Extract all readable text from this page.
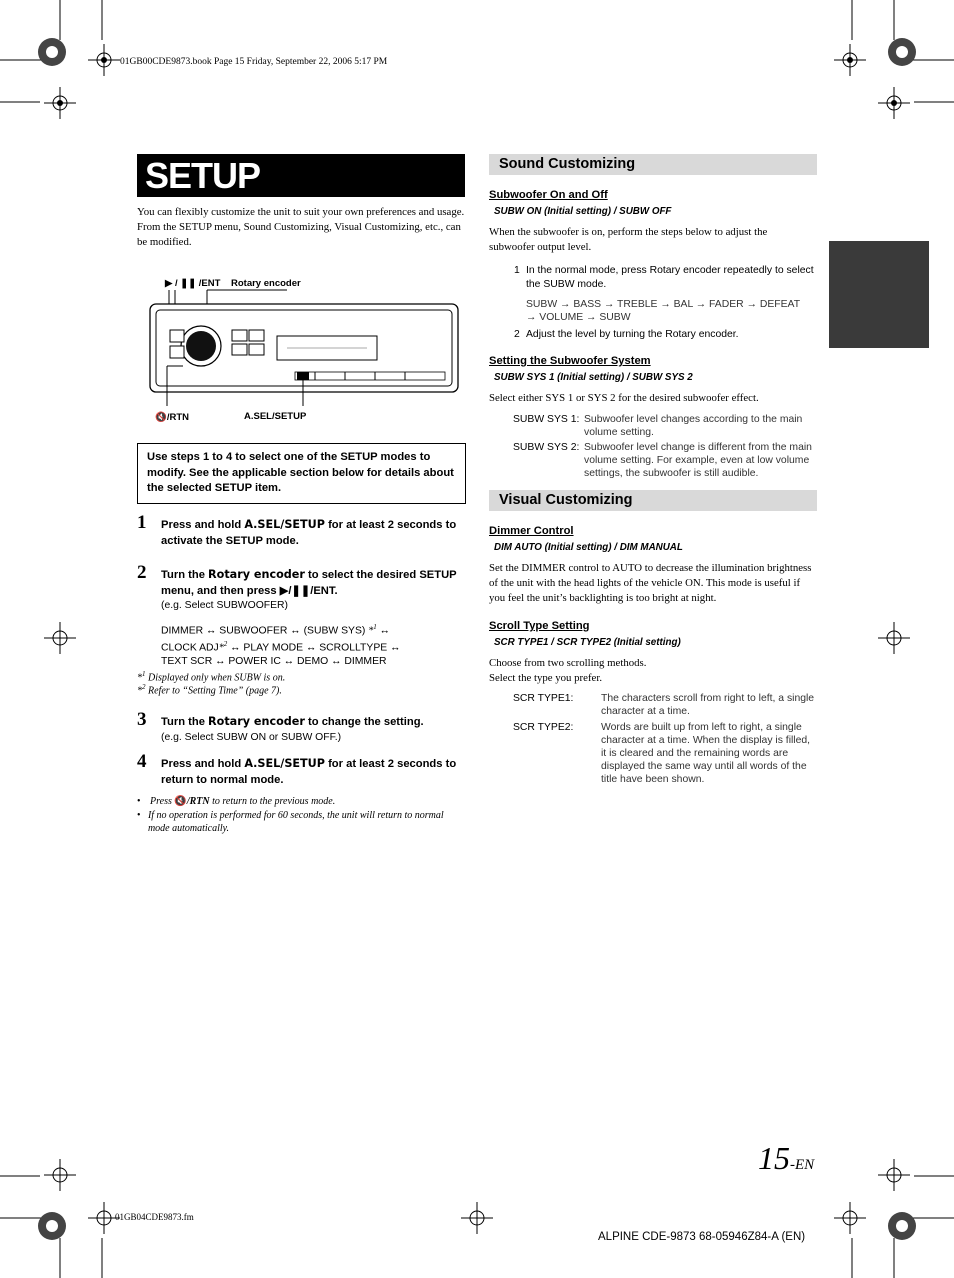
01GB00CDE9873.book Page 15 Friday, September 22, 2006 5:17 PM
SETUP
You can flexibly customize the unit to suit your own preferences and usage. From the SETUP menu, Sound Customizing, Visual Customizing, etc., can be modified.
▶ / ❚❚ /ENT Rotary encoder
🔇/RTN	A.SEL/SETUP
Use steps 1 to 4 to select one of the SETUP modes to modify. See the applicable section below for details about the selected SETUP item.
1 Press and hold A.SEL/SETUP for at least 2 seconds to activate the SETUP mode.
2 Turn the Rotary encoder to select the desired SETUP menu, and then press ▶/❚❚/ENT.
(e.g. Select SUBWOOFER)
DIMMER ↔ SUBWOOFER ↔ (SUBW SYS) *$^1$ ↔
CLOCK ADJ*$^2$ ↔ PLAY MODE ↔ SCROLLTYPE ↔
TEXT SCR ↔ POWER IC ↔ DEMO ↔ DIMMER
*$^1$ Displayed only when SUBW is on.
*$^2$ Refer to “Setting Time” (page 7).
3 Turn the Rotary encoder to change the setting.
(e.g. Select SUBW ON or SUBW OFF.)
4 Press and hold A.SEL/SETUP for at least 2 seconds to return to normal mode.
• Press 🔇/RTN to return to the previous mode.
• If no operation is performed for 60 seconds, the unit will return to normal mode automatically.
Sound Customizing
Subwoofer On and Off
SUBW ON (Initial setting) / SUBW OFF
When the subwoofer is on, perform the steps below to adjust the subwoofer output level.
1 In the normal mode, press Rotary encoder repeatedly to select the SUBW mode.
SUBW → BASS → TREBLE → BAL → FADER → DEFEAT
→ VOLUME → SUBW
2 Adjust the level by turning the Rotary encoder.
Setting the Subwoofer System
SUBW SYS 1 (Initial setting) / SUBW SYS 2
Select either SYS 1 or SYS 2 for the desired subwoofer effect.
SUBW SYS 1: Subwoofer level changes according to the main volume setting.
SUBW SYS 2: Subwoofer level change is different from the main volume setting. For example, even at low volume settings, the subwoofer is still audible.
Visual Customizing
Dimmer Control
DIM AUTO (Initial setting) / DIM MANUAL
Set the DIMMER control to AUTO to decrease the illumination brightness of the unit with the head lights of the vehicle ON. This mode is useful if you feel the unit’s backlighting is too bright at night.
Scroll Type Setting
SCR TYPE1 / SCR TYPE2 (Initial setting)
Choose from two scrolling methods.
Select the type you prefer.
SCR TYPE1:	The characters scroll from right to left, a single character at a time.
SCR TYPE2:	Words are built up from left to right, a single character at a time. When the display is filled, it is cleared and the remaining words are displayed the same way until all words of the title have been shown.
15-EN
01GB04CDE9873.fm
ALPINE CDE-9873 68-05946Z84-A (EN)
